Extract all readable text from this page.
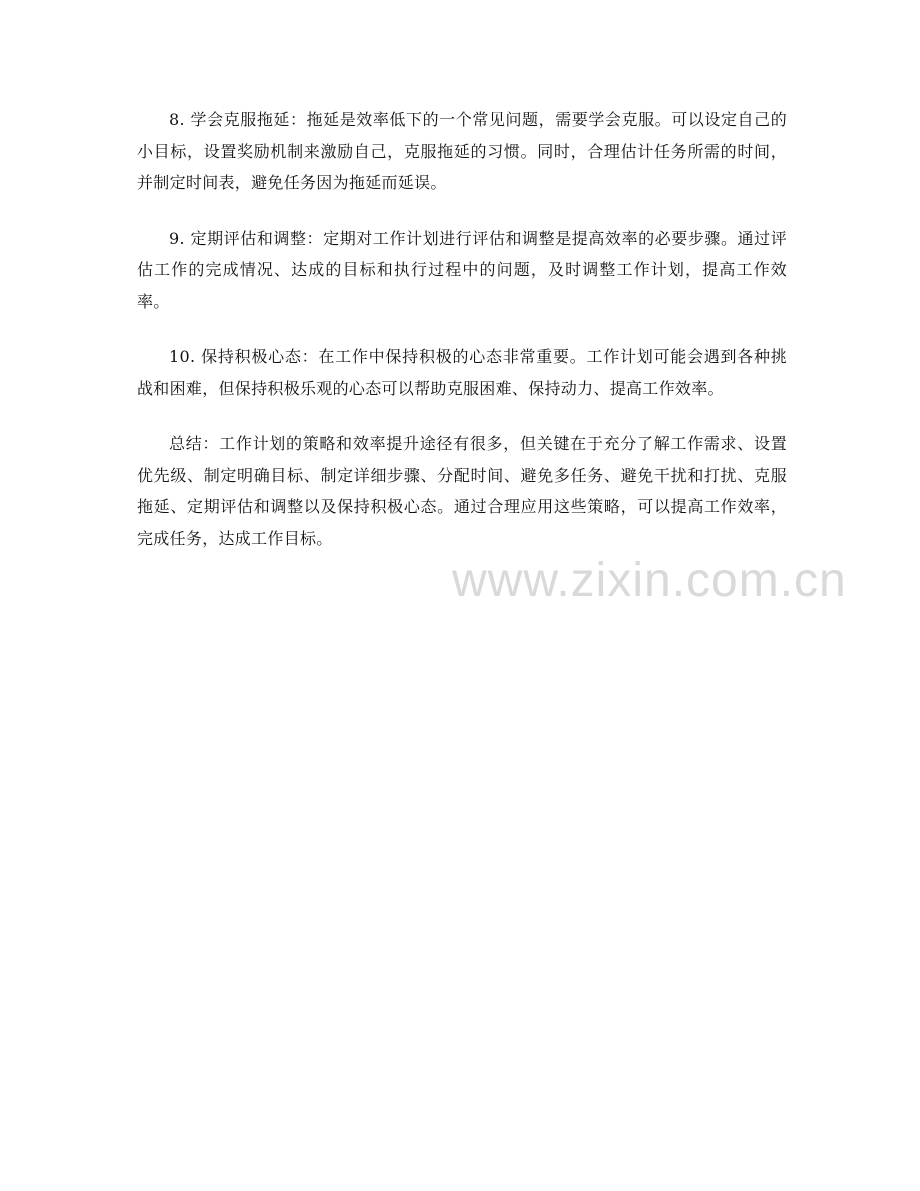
8. 学会克服拖延：拖延是效率低下的一个常见问题，需要学会克服。可以设定自己的小目标，设置奖励机制来激励自己，克服拖延的习惯。同时，合理估计任务所需的时间，并制定时间表，避免任务因为拖延而延误。

9. 定期评估和调整：定期对工作计划进行评估和调整是提高效率的必要步骤。通过评估工作的完成情况、达成的目标和执行过程中的问题，及时调整工作计划，提高工作效率。

10. 保持积极心态：在工作中保持积极的心态非常重要。工作计划可能会遇到各种挑战和困难，但保持积极乐观的心态可以帮助克服困难、保持动力、提高工作效率。

总结：工作计划的策略和效率提升途径有很多，但关键在于充分了解工作需求、设置优先级、制定明确目标、制定详细步骤、分配时间、避免多任务、避免干扰和打扰、克服拖延、定期评估和调整以及保持积极心态。通过合理应用这些策略，可以提高工作效率，完成任务，达成工作目标。

www.zixin.com.cn
